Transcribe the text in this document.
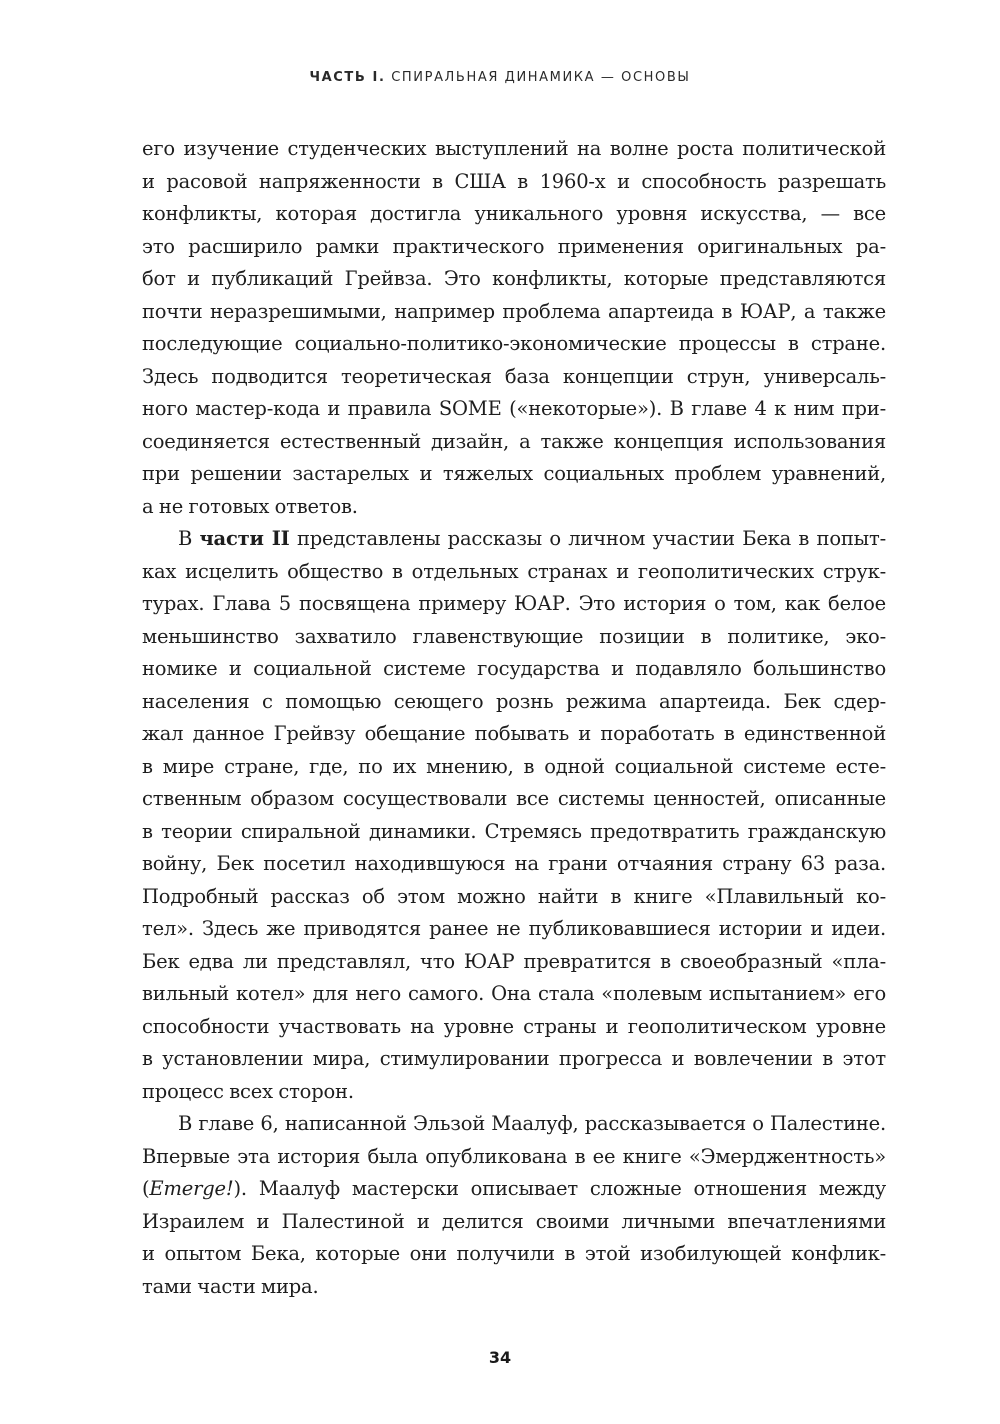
ЧАСТЬ I. СПИРАЛЬНАЯ ДИНАМИКА — ОСНОВЫ

его изучение студенческих выступлений на волне роста политической
и расовой напряженности в США в 1960-х и способность разрешать
конфликты, которая достигла уникального уровня искусства, — все
это расширило рамки практического применения оригинальных ра-
бот и публикаций Грейвза. Это конфликты, которые представляются
почти неразрешимыми, например проблема апартеида в ЮАР, а также
последующие социально-политико-экономические процессы в стране.
Здесь подводится теоретическая база концепции струн, универсаль-
ного мастер-кода и правила SOME («некоторые»). В главе 4 к ним при-
соединяется естественный дизайн, а также концепция использования
при решении застарелых и тяжелых социальных проблем уравнений,
а не готовых ответов.

В части II представлены рассказы о личном участии Бека в попыт-
ках исцелить общество в отдельных странах и геополитических струк-
турах. Глава 5 посвящена примеру ЮАР. Это история о том, как белое
меньшинство захватило главенствующие позиции в политике, эко-
номике и социальной системе государства и подавляло большинство
населения с помощью сеющего рознь режима апартеида. Бек сдер-
жал данное Грейвзу обещание побывать и поработать в единственной
в мире стране, где, по их мнению, в одной социальной системе есте-
ственным образом сосуществовали все системы ценностей, описанные
в теории спиральной динамики. Стремясь предотвратить гражданскую
войну, Бек посетил находившуюся на грани отчаяния страну 63 раза.
Подробный рассказ об этом можно найти в книге «Плавильный ко-
тел». Здесь же приводятся ранее не публиковавшиеся истории и идеи.
Бек едва ли представлял, что ЮАР превратится в своеобразный «пла-
вильный котел» для него самого. Она стала «полевым испытанием» его
способности участвовать на уровне страны и геополитическом уровне
в установлении мира, стимулировании прогресса и вовлечении в этот
процесс всех сторон.

В главе 6, написанной Эльзой Маалуф, рассказывается о Палестине.
Впервые эта история была опубликована в ее книге «Эмерджентность»
(Emerge!). Маалуф мастерски описывает сложные отношения между
Израилем и Палестиной и делится своими личными впечатлениями
и опытом Бека, которые они получили в этой изобилующей конфлик-
тами части мира.

34
